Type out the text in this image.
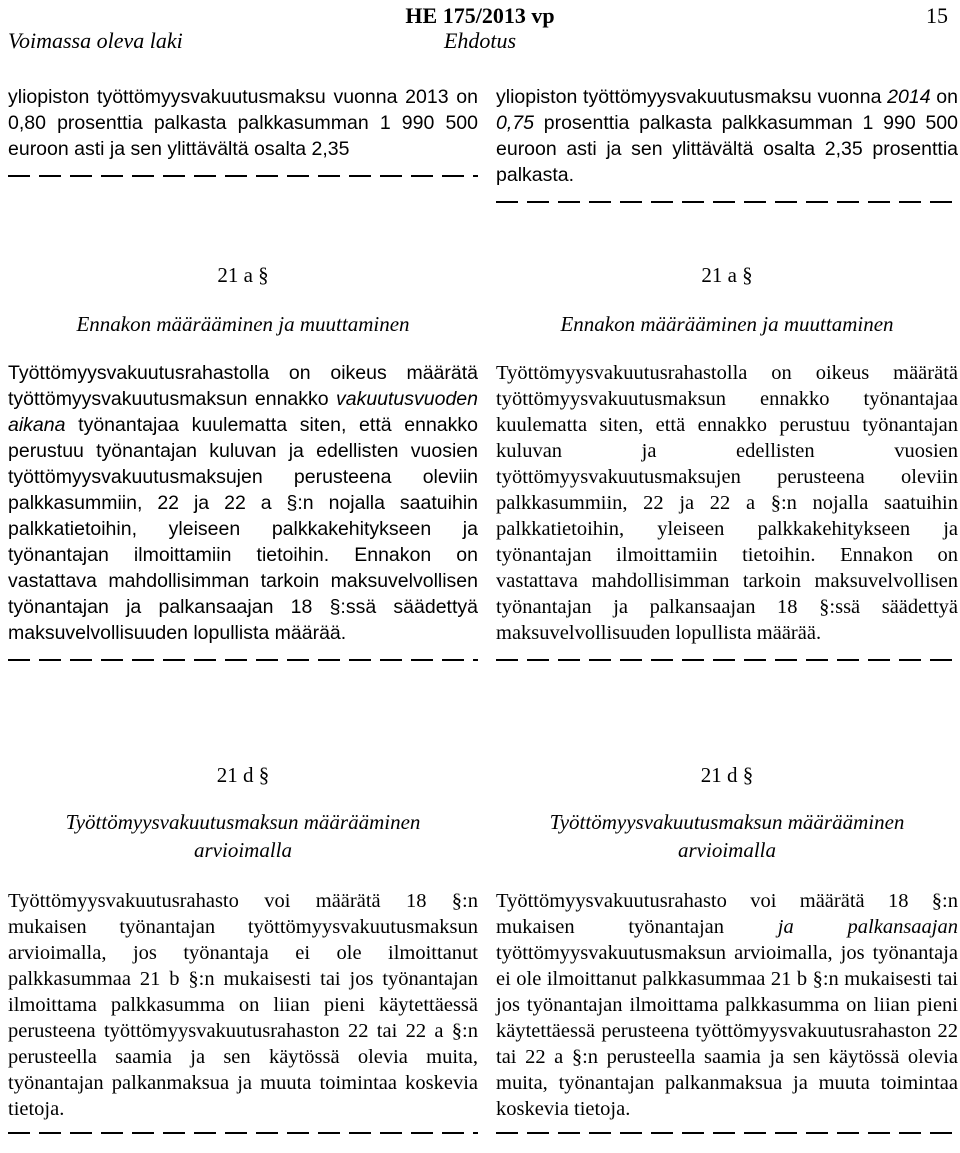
Voimassa oleva laki
HE 175/2013 vp
Ehdotus
15
yliopiston työttömyysvakuutusmaksu vuonna 2013 on 0,80 prosenttia palkasta palkkasumman 1 990 500 euroon asti ja sen ylittävältä osalta 2,35
21 a §
Ennakon määrääminen ja muuttaminen
Työttömyysvakuutusrahastolla on oikeus määrätä työttömyysvakuutusmaksun ennakko vakuutusvuoden aikana työnantajaa kuulematta siten, että ennakko perustuu työnantajan kuluvan ja edellisten vuosien työttömyysvakuutusmaksujen perusteena oleviin palkkasummiin, 22 ja 22 a §:n nojalla saatuihin palkkatietoihin, yleiseen palkkakehitykseen ja työnantajan ilmoittamiin tietoihin. Ennakon on vastattava mahdollisimman tarkoin maksuvelvollisen työnantajan ja palkansaajan 18 §:ssä säädettyä maksuvelvollisuuden lopullista määrää.
21 d §
Työttömyysvakuutusmaksun määrääminen
arvioimalla
Työttömyysvakuutusrahasto voi määrätä 18 §:n mukaisen työnantajan työttömyysvakuutusmaksun arvioimalla, jos työnantaja ei ole ilmoittanut palkkasummaa 21 b §:n mukaisesti tai jos työnantajan ilmoittama palkkasumma on liian pieni käytettäessä perusteena työttömyysvakuutusrahaston 22 tai 22 a §:n perusteella saamia ja sen käytössä olevia muita, työnantajan palkanmaksua ja muuta toimintaa koskevia tietoja.
yliopiston työttömyysvakuutusmaksu vuonna 2014 on 0,75 prosenttia palkasta palkkasumman 1 990 500 euroon asti ja sen ylittävältä osalta 2,35 prosenttia palkasta.
21 a §
Ennakon määrääminen ja muuttaminen
Työttömyysvakuutusrahastolla on oikeus määrätä työttömyysvakuutusmaksun ennakko työnantajaa kuulematta siten, että ennakko perustuu työnantajan kuluvan ja edellisten vuosien työttömyysvakuutusmaksujen perusteena oleviin palkkasummiin, 22 ja 22 a §:n nojalla saatuihin palkkatietoihin, yleiseen palkkakehitykseen ja työnantajan ilmoittamiin tietoihin. Ennakon on vastattava mahdollisimman tarkoin maksuvelvollisen työnantajan ja palkansaajan 18 §:ssä säädettyä maksuvelvollisuuden lopullista määrää.
21 d §
Työttömyysvakuutusmaksun määrääminen
arvioimalla
Työttömyysvakuutusrahasto voi määrätä 18 §:n mukaisen työnantajan ja palkansaajan työttömyysvakuutusmaksun arvioimalla, jos työnantaja ei ole ilmoittanut palkkasummaa 21 b §:n mukaisesti tai jos työnantajan ilmoittama palkkasumma on liian pieni käytettäessä perusteena työttömyysvakuutusrahaston 22 tai 22 a §:n perusteella saamia ja sen käytössä olevia muita, työnantajan palkanmaksua ja muuta toimintaa koskevia tietoja.
